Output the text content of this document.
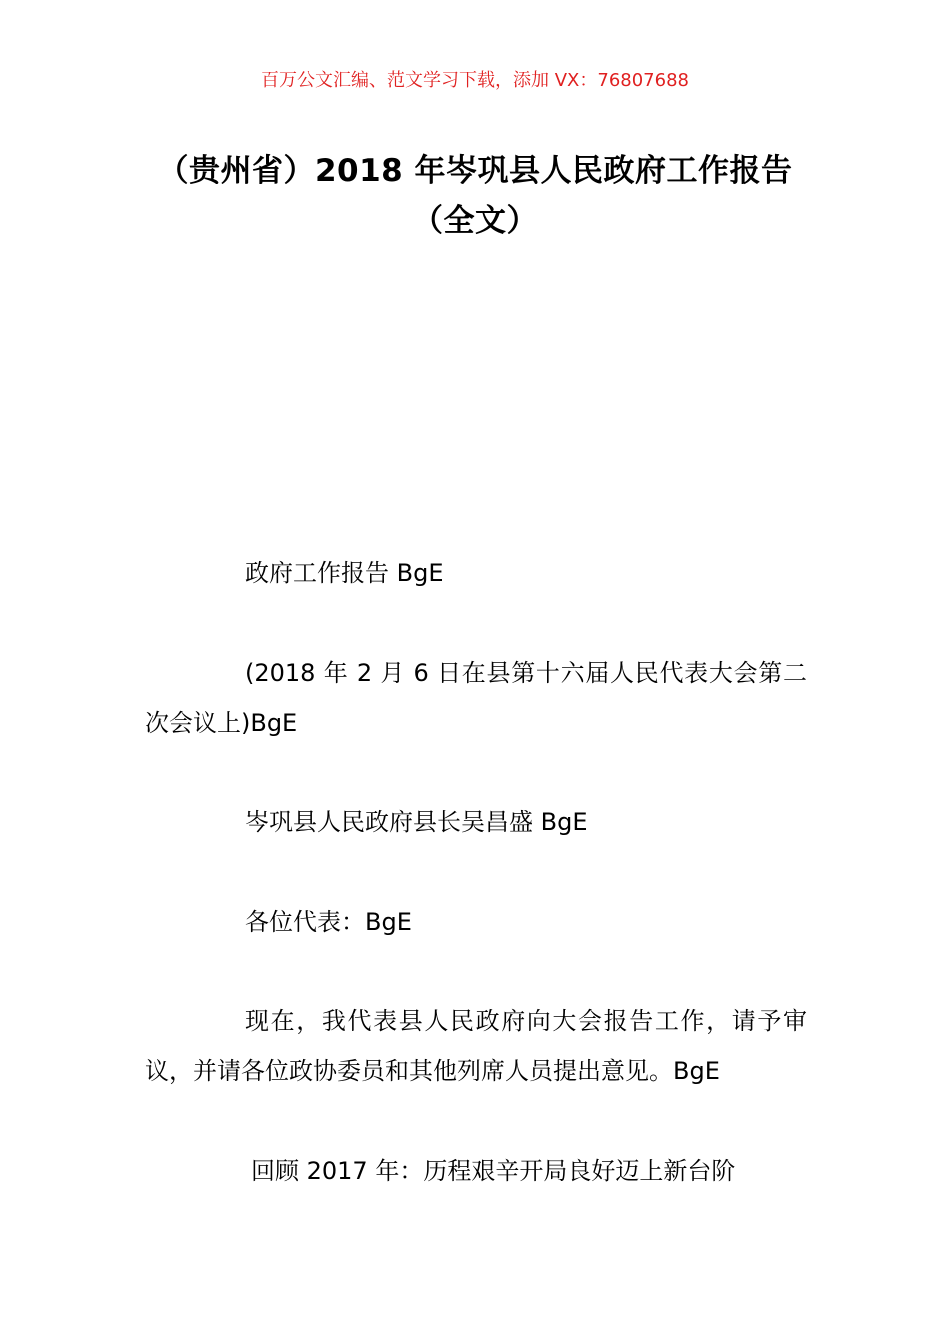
百万公文汇编、范文学习下载，添加 VX：76807688
（贵州省）2018 年岑巩县人民政府工作报告（全文）
政府工作报告 BgE
(2018 年 2 月 6 日在县第十六届人民代表大会第二次会议上)BgE
岑巩县人民政府县长吴昌盛 BgE
各位代表：BgE
现在，我代表县人民政府向大会报告工作，请予审议，并请各位政协委员和其他列席人员提出意见。BgE
回顾 2017 年：历程艰辛开局良好迈上新台阶
